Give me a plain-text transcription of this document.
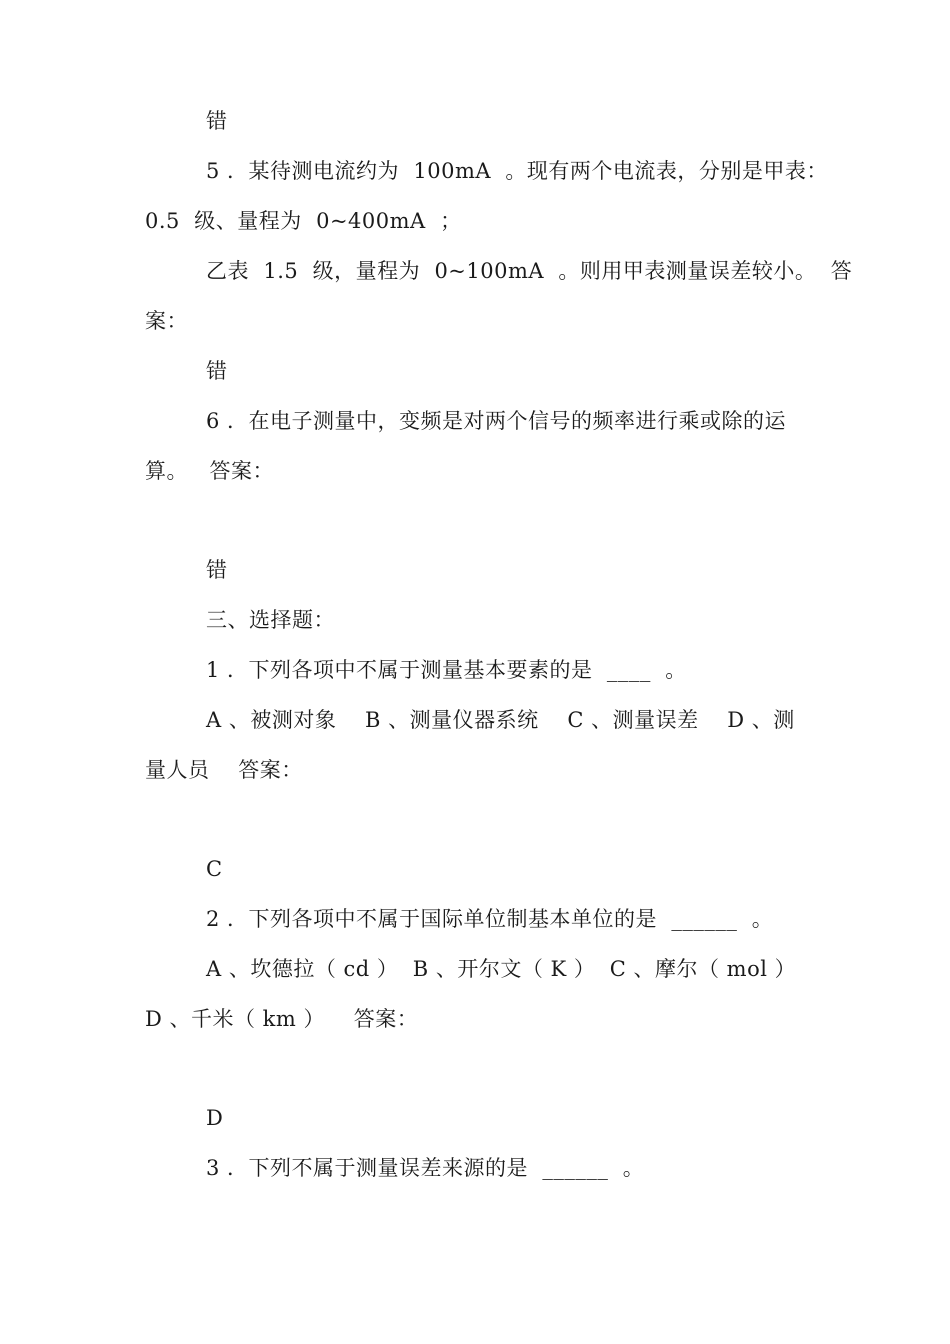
错
5 ．某待测电流约为  100mA  。现有两个电流表，分别是甲表：
0.5  级、量程为  0~400mA  ；
乙表  1.5  级，量程为  0~100mA  。则用甲表测量误差较小。  答
案：
错
6 ．在电子测量中，变频是对两个信号的频率进行乘或除的运
算。   答案：
错
三、选择题：
1 ．下列各项中不属于测量基本要素的是  ____  。
A 、被测对象    B 、测量仪器系统    C 、测量误差    D 、测
量人员    答案：
C
2 ．下列各项中不属于国际单位制基本单位的是  ______  。
A 、坎德拉（ cd ）  B 、开尔文（ K ）  C 、摩尔（ mol ）
D 、千米（ km ）    答案：
D
3 ．下列不属于测量误差来源的是  ______  。
